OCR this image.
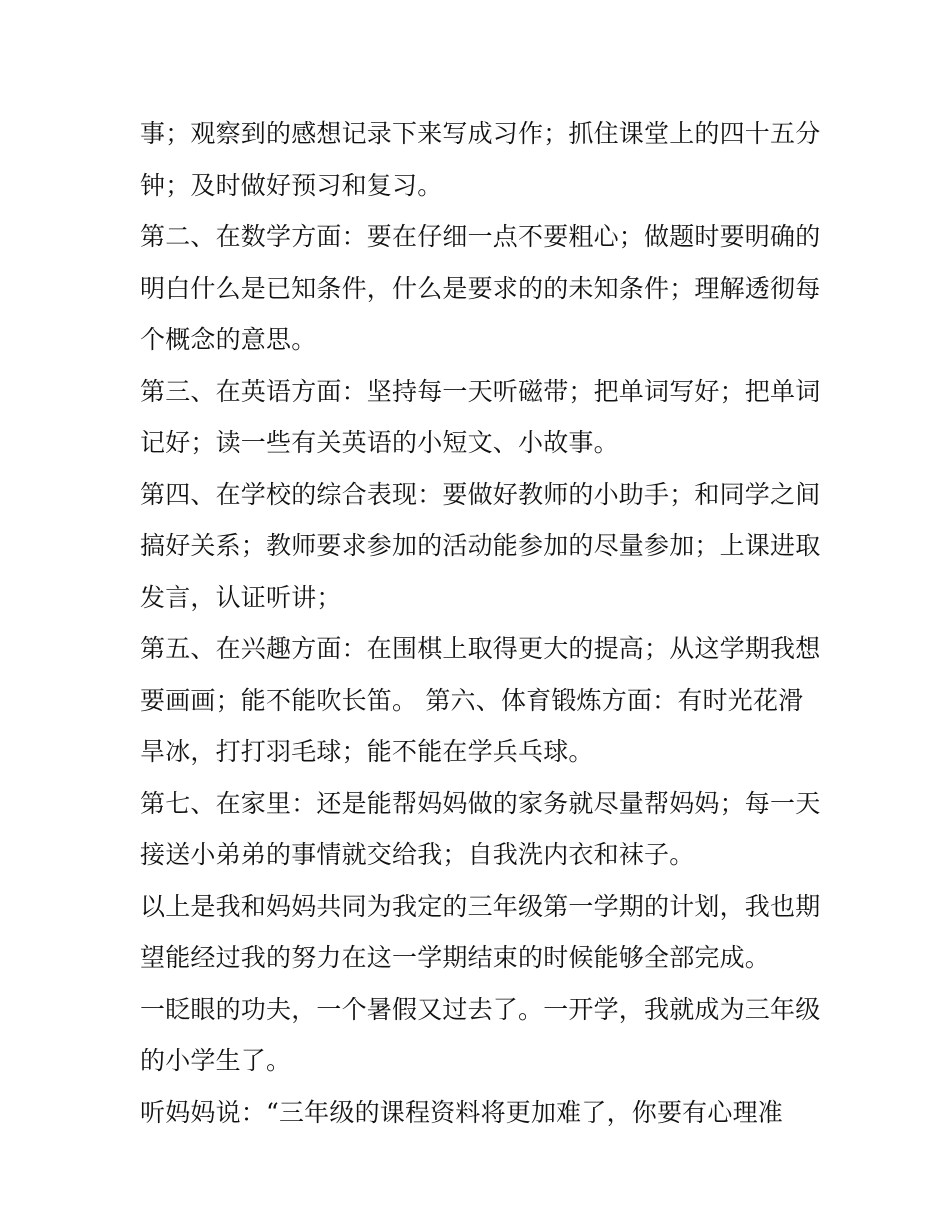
事；观察到的感想记录下来写成习作；抓住课堂上的四十五分
钟；及时做好预习和复习。
第二、在数学方面：要在仔细一点不要粗心；做题时要明确的
明白什么是已知条件，什么是要求的的未知条件；理解透彻每
个概念的意思。
第三、在英语方面：坚持每一天听磁带；把单词写好；把单词
记好；读一些有关英语的小短文、小故事。
第四、在学校的综合表现：要做好教师的小助手；和同学之间
搞好关系；教师要求参加的活动能参加的尽量参加；上课进取
发言，认证听讲；
第五、在兴趣方面：在围棋上取得更大的提高；从这学期我想
要画画；能不能吹长笛。 第六、体育锻炼方面：有时光花滑
旱冰，打打羽毛球；能不能在学兵乓球。
第七、在家里：还是能帮妈妈做的家务就尽量帮妈妈；每一天
接送小弟弟的事情就交给我；自我洗内衣和袜子。
以上是我和妈妈共同为我定的三年级第一学期的计划，我也期
望能经过我的努力在这一学期结束的时候能够全部完成。
一眨眼的功夫，一个暑假又过去了。一开学，我就成为三年级
的小学生了。
听妈妈说：“三年级的课程资料将更加难了，你要有心理准
